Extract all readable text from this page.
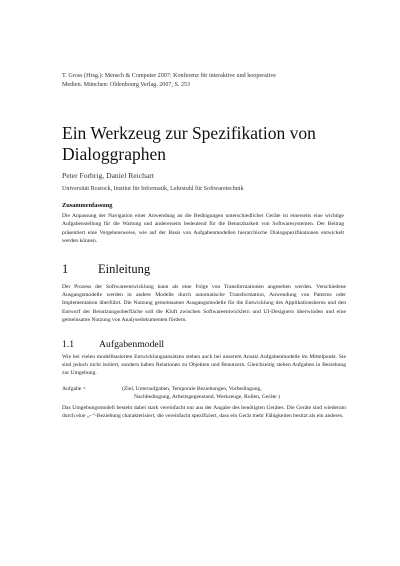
T. Gross (Hrsg.): Mensch & Computer 2007: Konferenz für interaktive und kooperative

Medien. München: Oldenbourg Verlag. 2007, S. 253

Ein Werkzeug zur Spezifikation von

Dialoggraphen

Peter Forbrig, Daniel Reichart
Universität Rostock, Institut für Informatik, Lehrstuhl für Softwaretechnik
Zusammenfassung

Die Anpassung der Navigation einer Anwendung an die Bedingungen unterschiedlicher Geräte ist einerseits eine wichtige Aufgabenstellung für die Wartung und andererseits bedeutend für die Benutzbarkeit von Softwaresystemen. Der Beitrag präsentiert eine Vorgehensweise, wie auf der Basis von Aufgabenmodellen hierarchische Dialogspezifikationen entwickelt werden können.

1 Einleitung

Der Prozess der Softwareentwicklung kann als eine Folge von Transformationen angesehen werden. Verschiedene Ausgangsmodelle werden in andere Modelle durch automatische Transformation, Anwendung von Patterns oder Implementation überführt. Die Nutzung gemeinsamer Ausgangsmodelle für die Entwicklung des Applikationskerns und den Entwurf der Benutzungsoberfläche soll die Kluft zwischen Softwareentwicklern und UI-Designern überwinden und eine gemeinsame Nutzung von Analysedokumenten fördern.

1.1	Aufgabenmodell

Wie bei vielen modellbasierten Entwicklungsansätzen stehen auch bei unserem Ansatz Aufgabenmodelle im Mittelpunkt. Sie sind jedoch nicht isoliert, sondern haben Relationen zu Objekten und Benutzern. Gleichzeitig stehen Aufgaben in Beziehung zur Umgebung.

Aufgabe =	(Ziel, Unteraufgaben, Temporale Beziehungen, Vorbedingung,

Nachbedingung, Arbeitsgegenstand, Werkzeuge, Rollen, Geräte )

Das Umgebungsmodell besteht dabei stark vereinfacht nur aus der Angabe des benötigten Gerätes. Die Geräte sind wiederum durch eine „⌐“-Beziehung charakterisiert, die vereinfacht spezifiziert, dass ein Gerät mehr Fähigkeiten besitzt als ein anderes.
